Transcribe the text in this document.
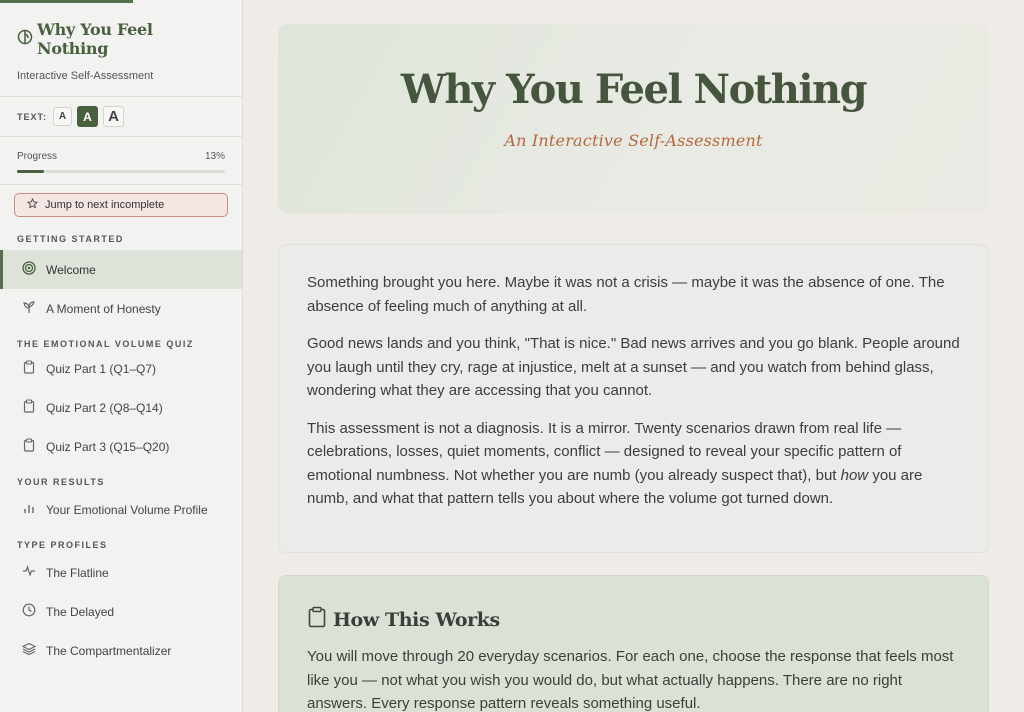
Why You Feel Nothing
Interactive Self-Assessment
TEXT:	A	A	A
Progress	13%
Jump to next incomplete
GETTING STARTED
Welcome
A Moment of Honesty
THE EMOTIONAL VOLUME QUIZ
Quiz Part 1 (Q1–Q7)
Quiz Part 2 (Q8–Q14)
Quiz Part 3 (Q15–Q20)
YOUR RESULTS
Your Emotional Volume Profile
TYPE PROFILES
The Flatline
The Delayed
The Compartmentalizer
Why You Feel Nothing
An Interactive Self-Assessment

Something brought you here. Maybe it was not a crisis — maybe it was the absence of one. The absence of feeling much of anything at all.

Good news lands and you think, "That is nice." Bad news arrives and you go blank. People around you laugh until they cry, rage at injustice, melt at a sunset — and you watch from behind glass, wondering what they are accessing that you cannot.

This assessment is not a diagnosis. It is a mirror. Twenty scenarios drawn from real life — celebrations, losses, quiet moments, conflict — designed to reveal your specific pattern of emotional numbness. Not whether you are numb (you already suspect that), but how you are numb, and what that pattern tells you about where the volume got turned down.

How This Works

You will move through 20 everyday scenarios. For each one, choose the response that feels most like you — not what you wish you would do, but what actually happens. There are no right answers. Every response pattern reveals something useful.
